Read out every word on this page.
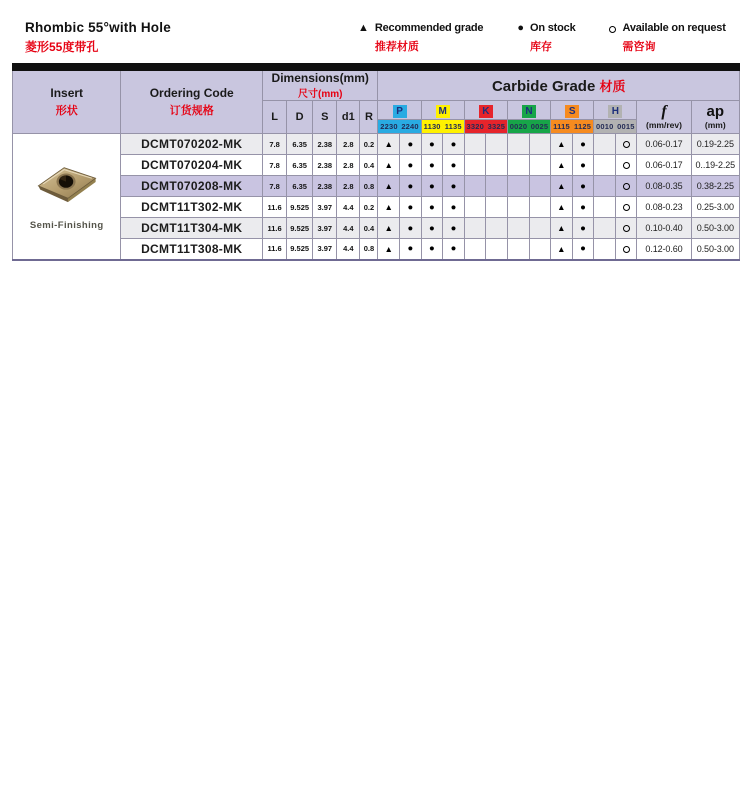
Rhombic 55°with Hole
菱形55度带孔
▲ Recommended grade
推荐材质
● On stock
库存
Available on request
需咨询
Insert
形状

Ordering Code
订货规格

Dimensions(mm)
尺寸(mm)	Carbide Grade 材质
L	D	S	d1	R	P	M	K	N	S	H	f
(mm/rev)

ap
(mm)

							2230 2240		1130 1135		3320 3325		0020 0025		1115 1125		0010 0015			

Semi-Finishing	DCMT070202-MK	7.8	6.35	2.38	2.8	0.2	▲	●	●	●					▲	●			0.06-0.17	0.19-2.25
	DCMT070204-MK	7.8	6.35	2.38	2.8	0.4	▲	●	●	●					▲	●			0.06-0.17	0..19-2.25
	DCMT070208-MK	7.8	6.35	2.38	2.8	0.8	▲	●	●	●					▲	●			0.08-0.35	0.38-2.25
	DCMT11T302-MK	11.6	9.525	3.97	4.4	0.2	▲	●	●	●					▲	●			0.08-0.23	0.25-3.00
	DCMT11T304-MK	11.6	9.525	3.97	4.4	0.4	▲	●	●	●					▲	●			0.10-0.40	0.50-3.00
	DCMT11T308-MK	11.6	9.525	3.97	4.4	0.8	▲	●	●	●					▲	●			0.12-0.60	0.50-3.00
